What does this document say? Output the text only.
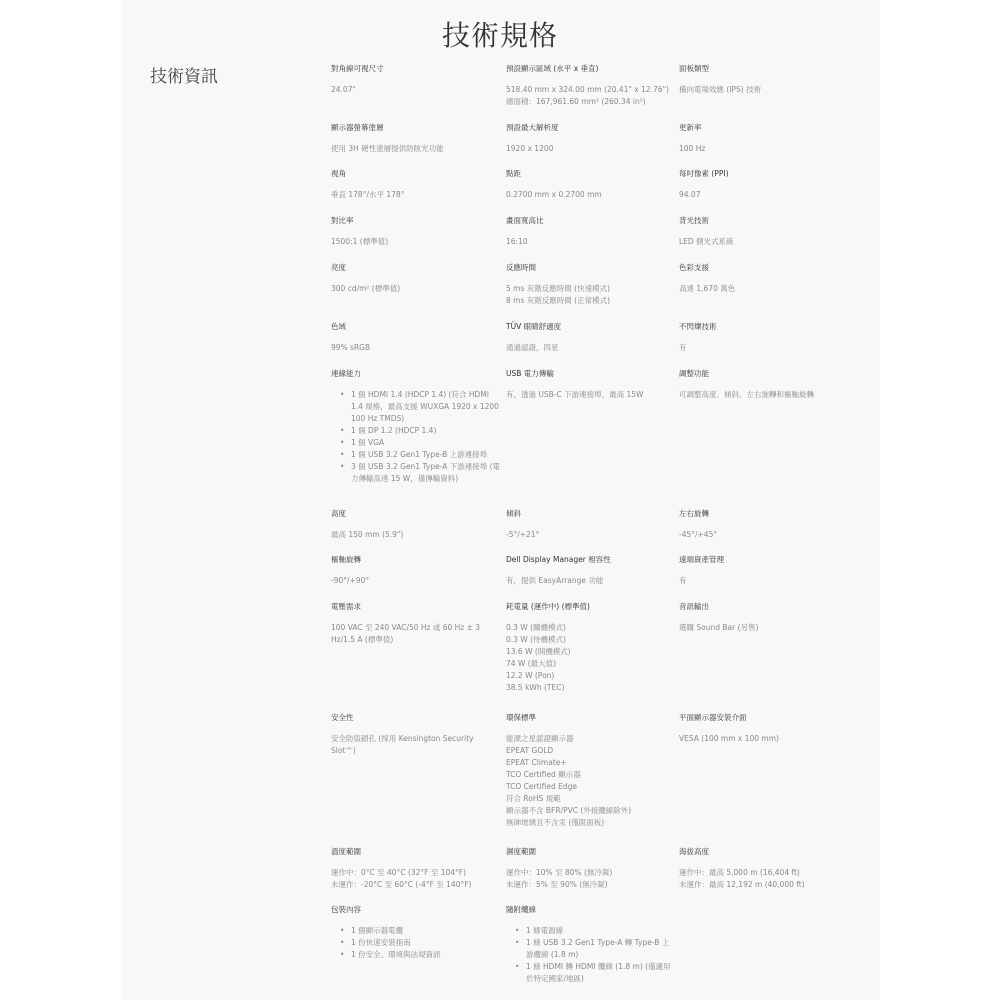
技術規格
技術資訊	對角線可視尺寸
24.07"
預設顯示區域 (水平 x 垂直)
518.40 mm x 324.00 mm (20.41" x 12.76")
總面積：167,961.60 mm² (260.34 in²)
面板類型
橫向電場效應 (IPS) 技術
顯示器螢幕塗層
使用 3H 硬性塗層提供防眩光功能
預設最大解析度
1920 x 1200
更新率
100 Hz
視角
垂直 178°/水平 178°
點距
0.2700 mm x 0.2700 mm
每吋像素 (PPI)
94.07
對比率
1500:1 (標準值)
畫面寬高比
16:10
背光技術
LED 側光式系統
亮度
300 cd/m² (標準值)
反應時間
5 ms 灰階反應時間 (快速模式)
8 ms 灰階反應時間 (正常模式)
色彩支援
高達 1,670 萬色
色域
99% sRGB
TÜV 眼睛舒適度
通過認證，四星
不閃爍技術
有
連線能力
• 1 個 HDMI 1.4 (HDCP 1.4) (符合 HDMI 1.4 規格，最高支援 WUXGA 1920 x 1200 100 Hz TMDS)
• 1 個 DP 1.2 (HDCP 1.4)
• 1 個 VGA
• 1 個 USB 3.2 Gen1 Type-B 上游連接埠
• 3 個 USB 3.2 Gen1 Type-A 下游連接埠 (電力傳輸高達 15 W，僅傳輸資料)
USB 電力傳輸
有，透過 USB-C 下游連接埠，最高 15W
調整功能
可調整高度、傾斜、左右旋轉和樞軸旋轉
高度
最高 150 mm (5.9")
傾斜
-5°/+21°
左右旋轉
-45°/+45°
樞軸旋轉
-90°/+90°
Dell Display Manager 相容性
有，提供 EasyArrange 功能
遠端資產管理
有
電壓需求
100 VAC 至 240 VAC/50 Hz 或 60 Hz ± 3 Hz/1.5 A (標準值)
耗電量 (運作中) (標準值)
0.3 W (關機模式)
0.3 W (待機模式)
13.6 W (開機模式)
74 W (最大值)
12.2 W (Pon)
38.5 kWh (TEC)
音訊輸出
選購 Sound Bar (另售)
安全性
安全防盜鎖孔 (採用 Kensington Security Slot™)
環保標準
能源之星認證顯示器
EPEAT GOLD
EPEAT Climate+
TCO Certified 顯示器
TCO Certified Edge
符合 RoHS 規範
顯示器不含 BFR/PVC (外接纜線除外)
無砷玻璃且不含汞 (僅限面板)
平面顯示器安裝介面
VESA (100 mm x 100 mm)
溫度範圍
運作中：0°C 至 40°C (32°F 至 104°F)
未運作：-20°C 至 60°C (-4°F 至 140°F)
濕度範圍
運作中：10% 至 80% (無冷凝)
未運作：5% 至 90% (無冷凝)
海拔高度
運作中：最高 5,000 m (16,404 ft)
未運作：最高 12,192 m (40,000 ft)
包裝內容
• 1 個顯示器電纜
• 1 份快速安裝指南
• 1 份安全、環境與法規資訊
隨附纜線
• 1 條電源線
• 1 條 USB 3.2 Gen1 Type-A 轉 Type-B 上游纜線 (1.8 m)
• 1 條 HDMI 轉 HDMI 纜線 (1.8 m) (僅適用於特定國家/地區)
